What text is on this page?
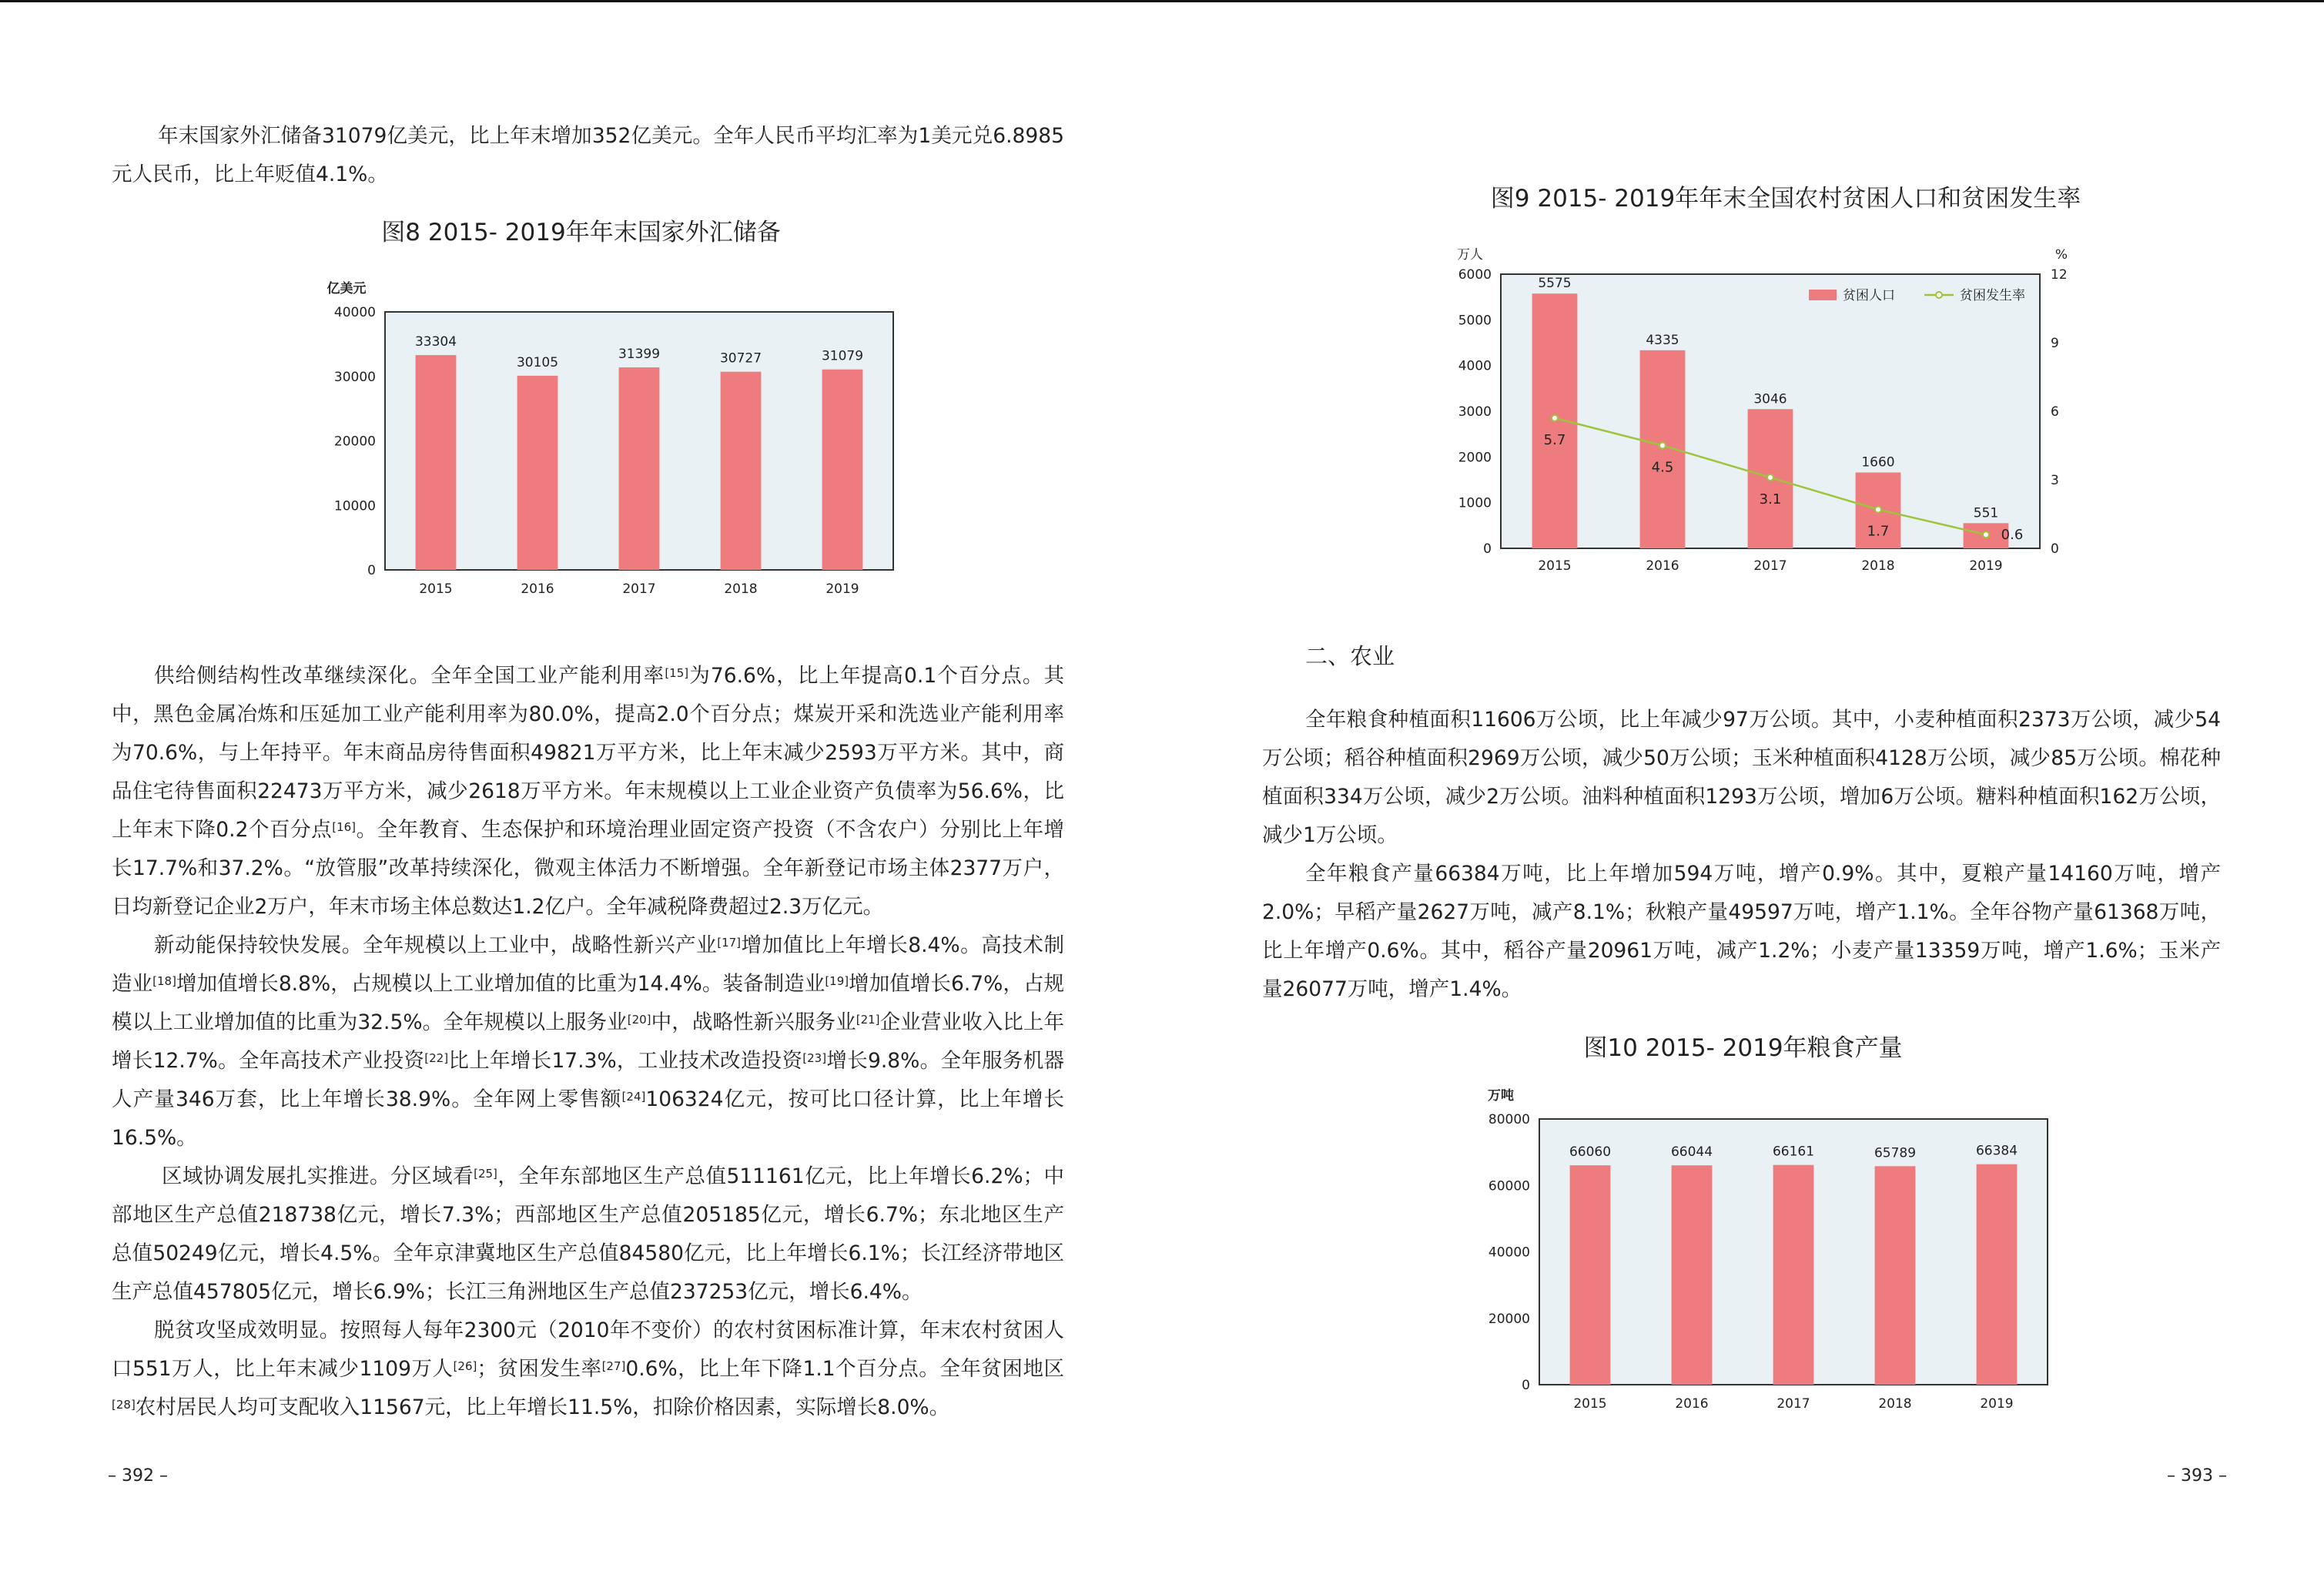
年末国家外汇储备31079亿美元，比上年末增加352亿美元。全年人民币平均汇率为1美元兑6.8985元人民币，比上年贬值4.1%。

图8 2015- 2019年年末国家外汇储备

亿美元
0
10000
20000
30000
40000
33304
2015
30105
2016
31399
2017
30727
2018
31079
2019

供给侧结构性改革继续深化。全年全国工业产能利用率[15]为76.6%，比上年提高0.1个百分点。其中，黑色金属冶炼和压延加工业产能利用率为80.0%，提高2.0个百分点；煤炭开采和洗选业产能利用率为70.6%，与上年持平。年末商品房待售面积49821万平方米，比上年末减少2593万平方米。其中，商品住宅待售面积22473万平方米，减少2618万平方米。年末规模以上工业企业资产负债率为56.6%，比上年末下降0.2个百分点[16]。全年教育、生态保护和环境治理业固定资产投资（不含农户）分别比上年增长17.7%和37.2%。“放管服”改革持续深化，微观主体活力不断增强。全年新登记市场主体2377万户，日均新登记企业2万户，年末市场主体总数达1.2亿户。全年减税降费超过2.3万亿元。

新动能保持较快发展。全年规模以上工业中，战略性新兴产业[17]增加值比上年增长8.4%。高技术制造业[18]增加值增长8.8%，占规模以上工业增加值的比重为14.4%。装备制造业[19]增加值增长6.7%，占规模以上工业增加值的比重为32.5%。全年规模以上服务业[20]中，战略性新兴服务业[21]企业营业收入比上年增长12.7%。全年高技术产业投资[22]比上年增长17.3%，工业技术改造投资[23]增长9.8%。全年服务机器人产量346万套，比上年增长38.9%。全年网上零售额[24]106324亿元，按可比口径计算，比上年增长16.5%。

区域协调发展扎实推进。分区域看[25]，全年东部地区生产总值511161亿元，比上年增长6.2%；中部地区生产总值218738亿元，增长7.3%；西部地区生产总值205185亿元，增长6.7%；东北地区生产总值50249亿元，增长4.5%。全年京津冀地区生产总值84580亿元，比上年增长6.1%；长江经济带地区生产总值457805亿元，增长6.9%；长江三角洲地区生产总值237253亿元，增长6.4%。

脱贫攻坚成效明显。按照每人每年2300元（2010年不变价）的农村贫困标准计算，年末农村贫困人口551万人，比上年末减少1109万人[26]；贫困发生率[27]0.6%，比上年下降1.1个百分点。全年贫困地区[28]农村居民人均可支配收入11567元，比上年增长11.5%，扣除价格因素，实际增长8.0%。

– 392 –

图9 2015- 2019年年末全国农村贫困人口和贫困发生率

万人	%
0
1000
2000
3000
4000
5000
6000
0
3
6
9
12
5575
2015
4335
2016
3046
2017
1660
2018
551
2019
5.7
4.5
3.1
1.7	0.6
贫困人口	贫困发生率

二、农业

全年粮食种植面积11606万公顷，比上年减少97万公顷。其中，小麦种植面积2373万公顷，减少54万公顷；稻谷种植面积2969万公顷，减少50万公顷；玉米种植面积4128万公顷，减少85万公顷。棉花种植面积334万公顷，减少2万公顷。油料种植面积1293万公顷，增加6万公顷。糖料种植面积162万公顷，减少1万公顷。

全年粮食产量66384万吨，比上年增加594万吨，增产0.9%。其中，夏粮产量14160万吨，增产2.0%；早稻产量2627万吨，减产8.1%；秋粮产量49597万吨，增产1.1%。全年谷物产量61368万吨，比上年增产0.6%。其中，稻谷产量20961万吨，减产1.2%；小麦产量13359万吨，增产1.6%；玉米产量26077万吨，增产1.4%。

图10 2015- 2019年粮食产量

万吨
0
20000
40000
60000
80000
66060
2015
66044
2016
66161
2017
65789
2018
66384
2019
– 393 –
